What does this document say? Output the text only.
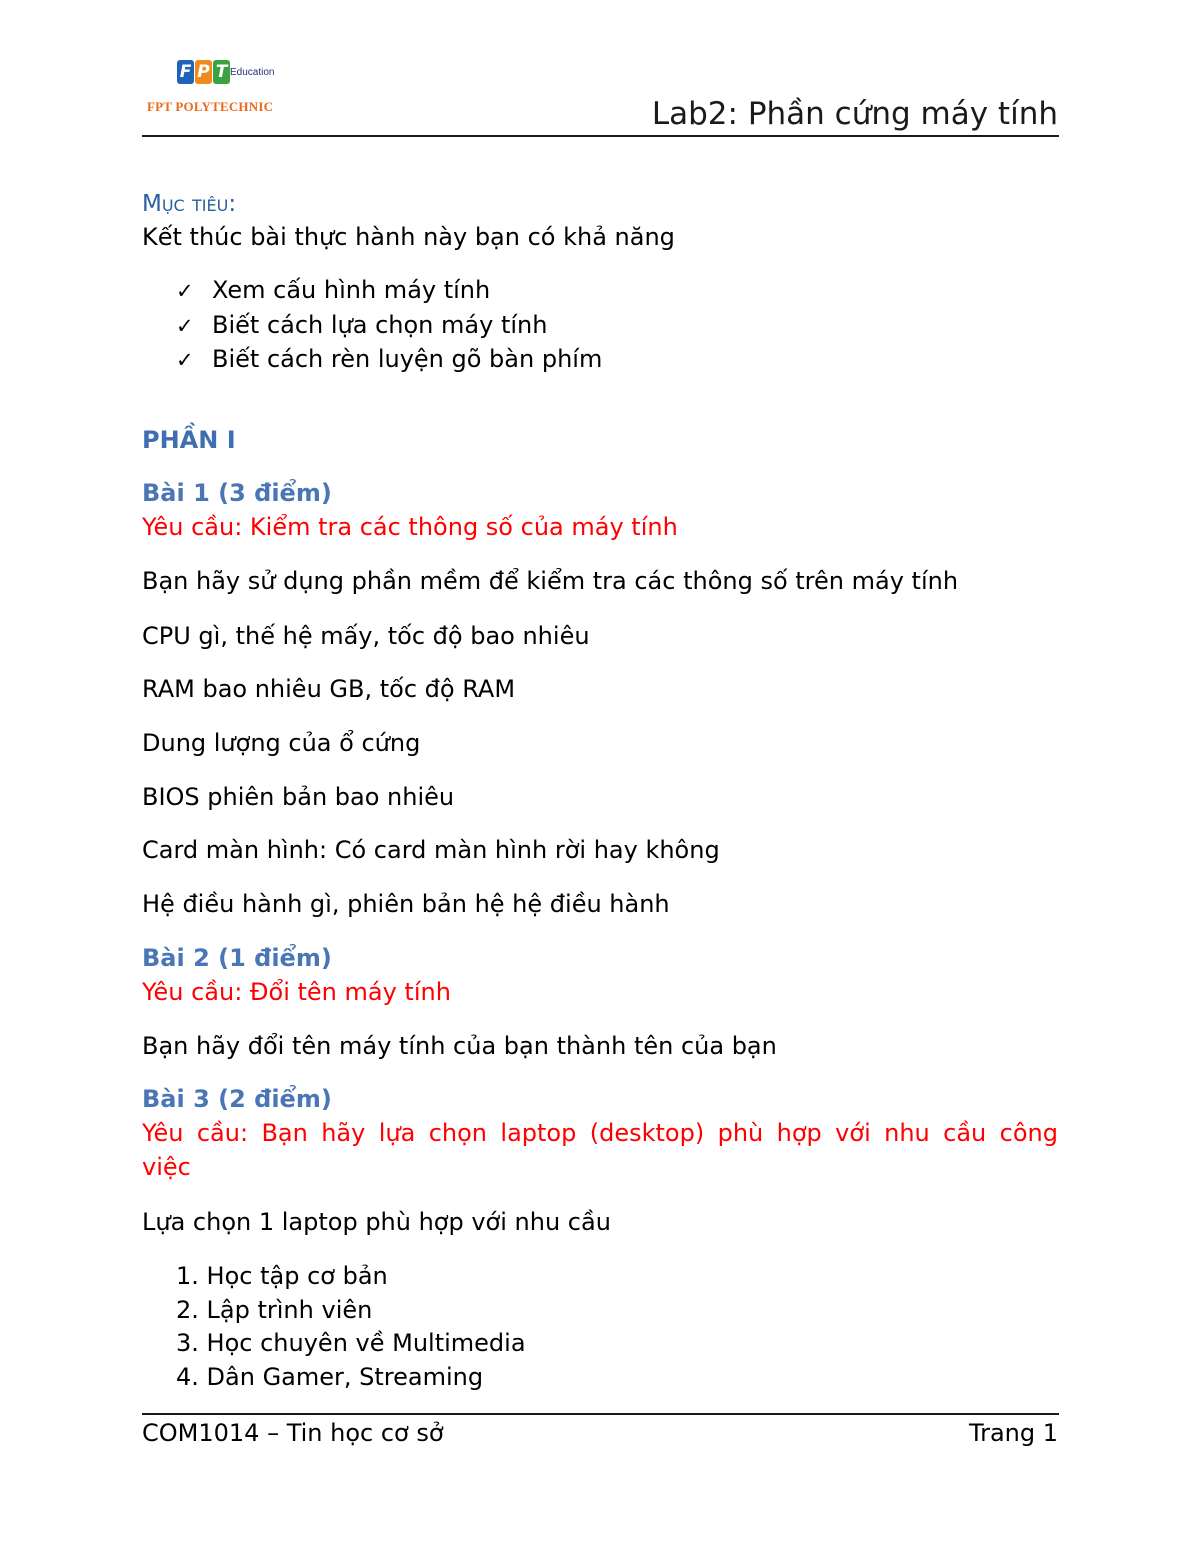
F P T Education
FPT POLYTECHNIC	Lab2: Phần cứng máy tính
Mục tiêu:
Kết thúc bài thực hành này bạn có khả năng
✓ Xem cấu hình máy tính
✓ Biết cách lựa chọn máy tính
✓ Biết cách rèn luyện gõ bàn phím
PHẦN I
Bài 1 (3 điểm)
Yêu cầu: Kiểm tra các thông số của máy tính
Bạn hãy sử dụng phần mềm để kiểm tra các thông số trên máy tính
CPU gì, thế hệ mấy, tốc độ bao nhiêu
RAM bao nhiêu GB, tốc độ RAM
Dung lượng của ổ cứng
BIOS phiên bản bao nhiêu
Card màn hình: Có card màn hình rời hay không
Hệ điều hành gì, phiên bản hệ hệ điều hành
Bài 2 (1 điểm)
Yêu cầu: Đổi tên máy tính
Bạn hãy đổi tên máy tính của bạn thành tên của bạn
Bài 3 (2 điểm)
Yêu cầu: Bạn hãy lựa chọn laptop (desktop) phù hợp với nhu cầu công
việc
Lựa chọn 1 laptop phù hợp với nhu cầu
1. Học tập cơ bản
2. Lập trình viên
3. Học chuyên về Multimedia
4. Dân Gamer, Streaming
COM1014 – Tin học cơ sở	Trang 1
